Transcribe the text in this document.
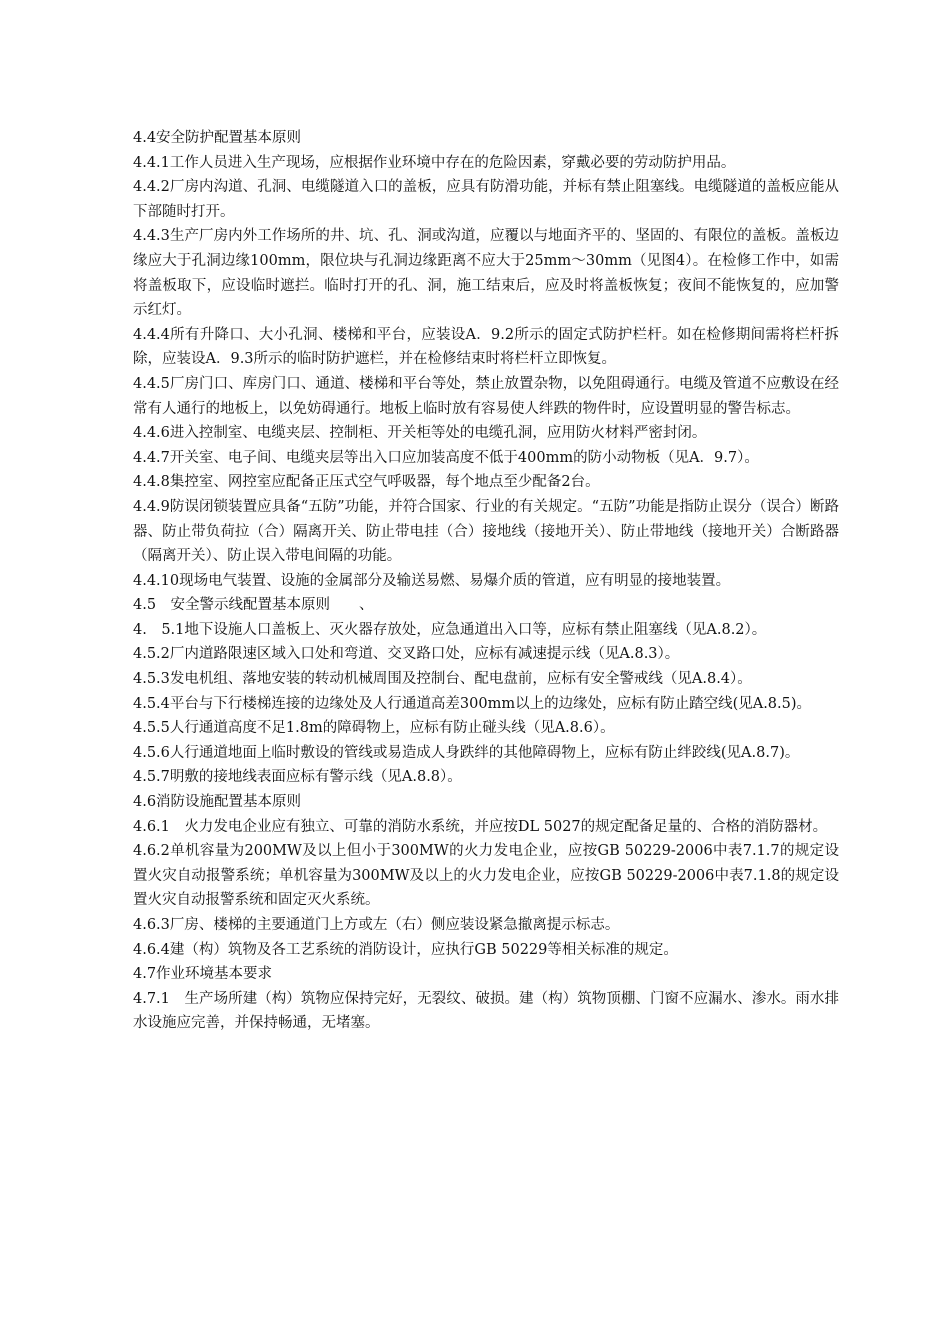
4.4安全防护配置基本原则

4.4.1工作人员进入生产现场，应根据作业环境中存在的危险因素，穿戴必要的劳动防护用品。

4.4.2厂房内沟道、孔洞、电缆隧道入口的盖板，应具有防滑功能，并标有禁止阻塞线。电缆隧道的盖板应能从下部随时打开。

4.4.3生产厂房内外工作场所的井、坑、孔、洞或沟道，应覆以与地面齐平的、坚固的、有限位的盖板。盖板边缘应大于孔洞边缘100mm，限位块与孔洞边缘距离不应大于25mm～30mm（见图4）。在检修工作中，如需将盖板取下，应设临时遮拦。临时打开的孔、洞，施工结束后，应及时将盖板恢复；夜间不能恢复的，应加警示红灯。

4.4.4所有升降口、大小孔洞、楼梯和平台，应装设A．9.2所示的固定式防护栏杆。如在检修期间需将栏杆拆除，应装设A．9.3所示的临时防护遮栏，并在检修结束时将栏杆立即恢复。

4.4.5厂房门口、库房门口、通道、楼梯和平台等处，禁止放置杂物，以免阻碍通行。电缆及管道不应敷设在经常有人通行的地板上，以免妨碍通行。地板上临时放有容易使人绊跌的物件时，应设置明显的警告标志。

4.4.6进入控制室、电缆夹层、控制柜、开关柜等处的电缆孔洞，应用防火材料严密封闭。

4.4.7开关室、电子间、电缆夹层等出入口应加装高度不低于400mm的防小动物板（见A．9.7）。

4.4.8集控室、网控室应配备正压式空气呼吸器，每个地点至少配备2台。

4.4.9防误闭锁装置应具备“五防”功能，并符合国家、行业的有关规定。“五防”功能是指防止误分（误合）断路器、防止带负荷拉（合）隔离开关、防止带电挂（合）接地线（接地开关）、防止带地线（接地开关）合断路器（隔离开关）、防止误入带电间隔的功能。

4.4.10现场电气装置、设施的金属部分及输送易燃、易爆介质的管道，应有明显的接地装置。

4.5　安全警示线配置基本原则　　、

4.　5.1地下设施人口盖板上、灭火器存放处，应急通道出入口等，应标有禁止阻塞线（见A.8.2）。

4.5.2厂内道路限速区域入口处和弯道、交叉路口处，应标有减速提示线（见A.8.3）。

4.5.3发电机组、落地安装的转动机械周围及控制台、配电盘前，应标有安全警戒线（见A.8.4）。

4.5.4平台与下行楼梯连接的边缘处及人行通道高差300mm以上的边缘处，应标有防止踏空线(见A.8.5)。

4.5.5人行通道高度不足1.8m的障碍物上，应标有防止碰头线（见A.8.6）。

4.5.6人行通道地面上临时敷设的管线或易造成人身跌绊的其他障碍物上，应标有防止绊跤线(见A.8.7)。

4.5.7明敷的接地线表面应标有警示线（见A.8.8）。

4.6消防设施配置基本原则

4.6.1　火力发电企业应有独立、可靠的消防水系统，并应按DL 5027的规定配备足量的、合格的消防器材。

4.6.2单机容量为200MW及以上但小于300MW的火力发电企业，应按GB 50229-2006中表7.1.7的规定设置火灾自动报警系统；单机容量为300MW及以上的火力发电企业，应按GB 50229-2006中表7.1.8的规定设置火灾自动报警系统和固定灭火系统。

4.6.3厂房、楼梯的主要通道门上方或左（右）侧应装设紧急撤离提示标志。

4.6.4建（构）筑物及各工艺系统的消防设计，应执行GB 50229等相关标准的规定。

4.7作业环境基本要求

4.7.1　生产场所建（构）筑物应保持完好，无裂纹、破损。建（构）筑物顶棚、门窗不应漏水、渗水。雨水排水设施应完善，并保持畅通，无堵塞。
